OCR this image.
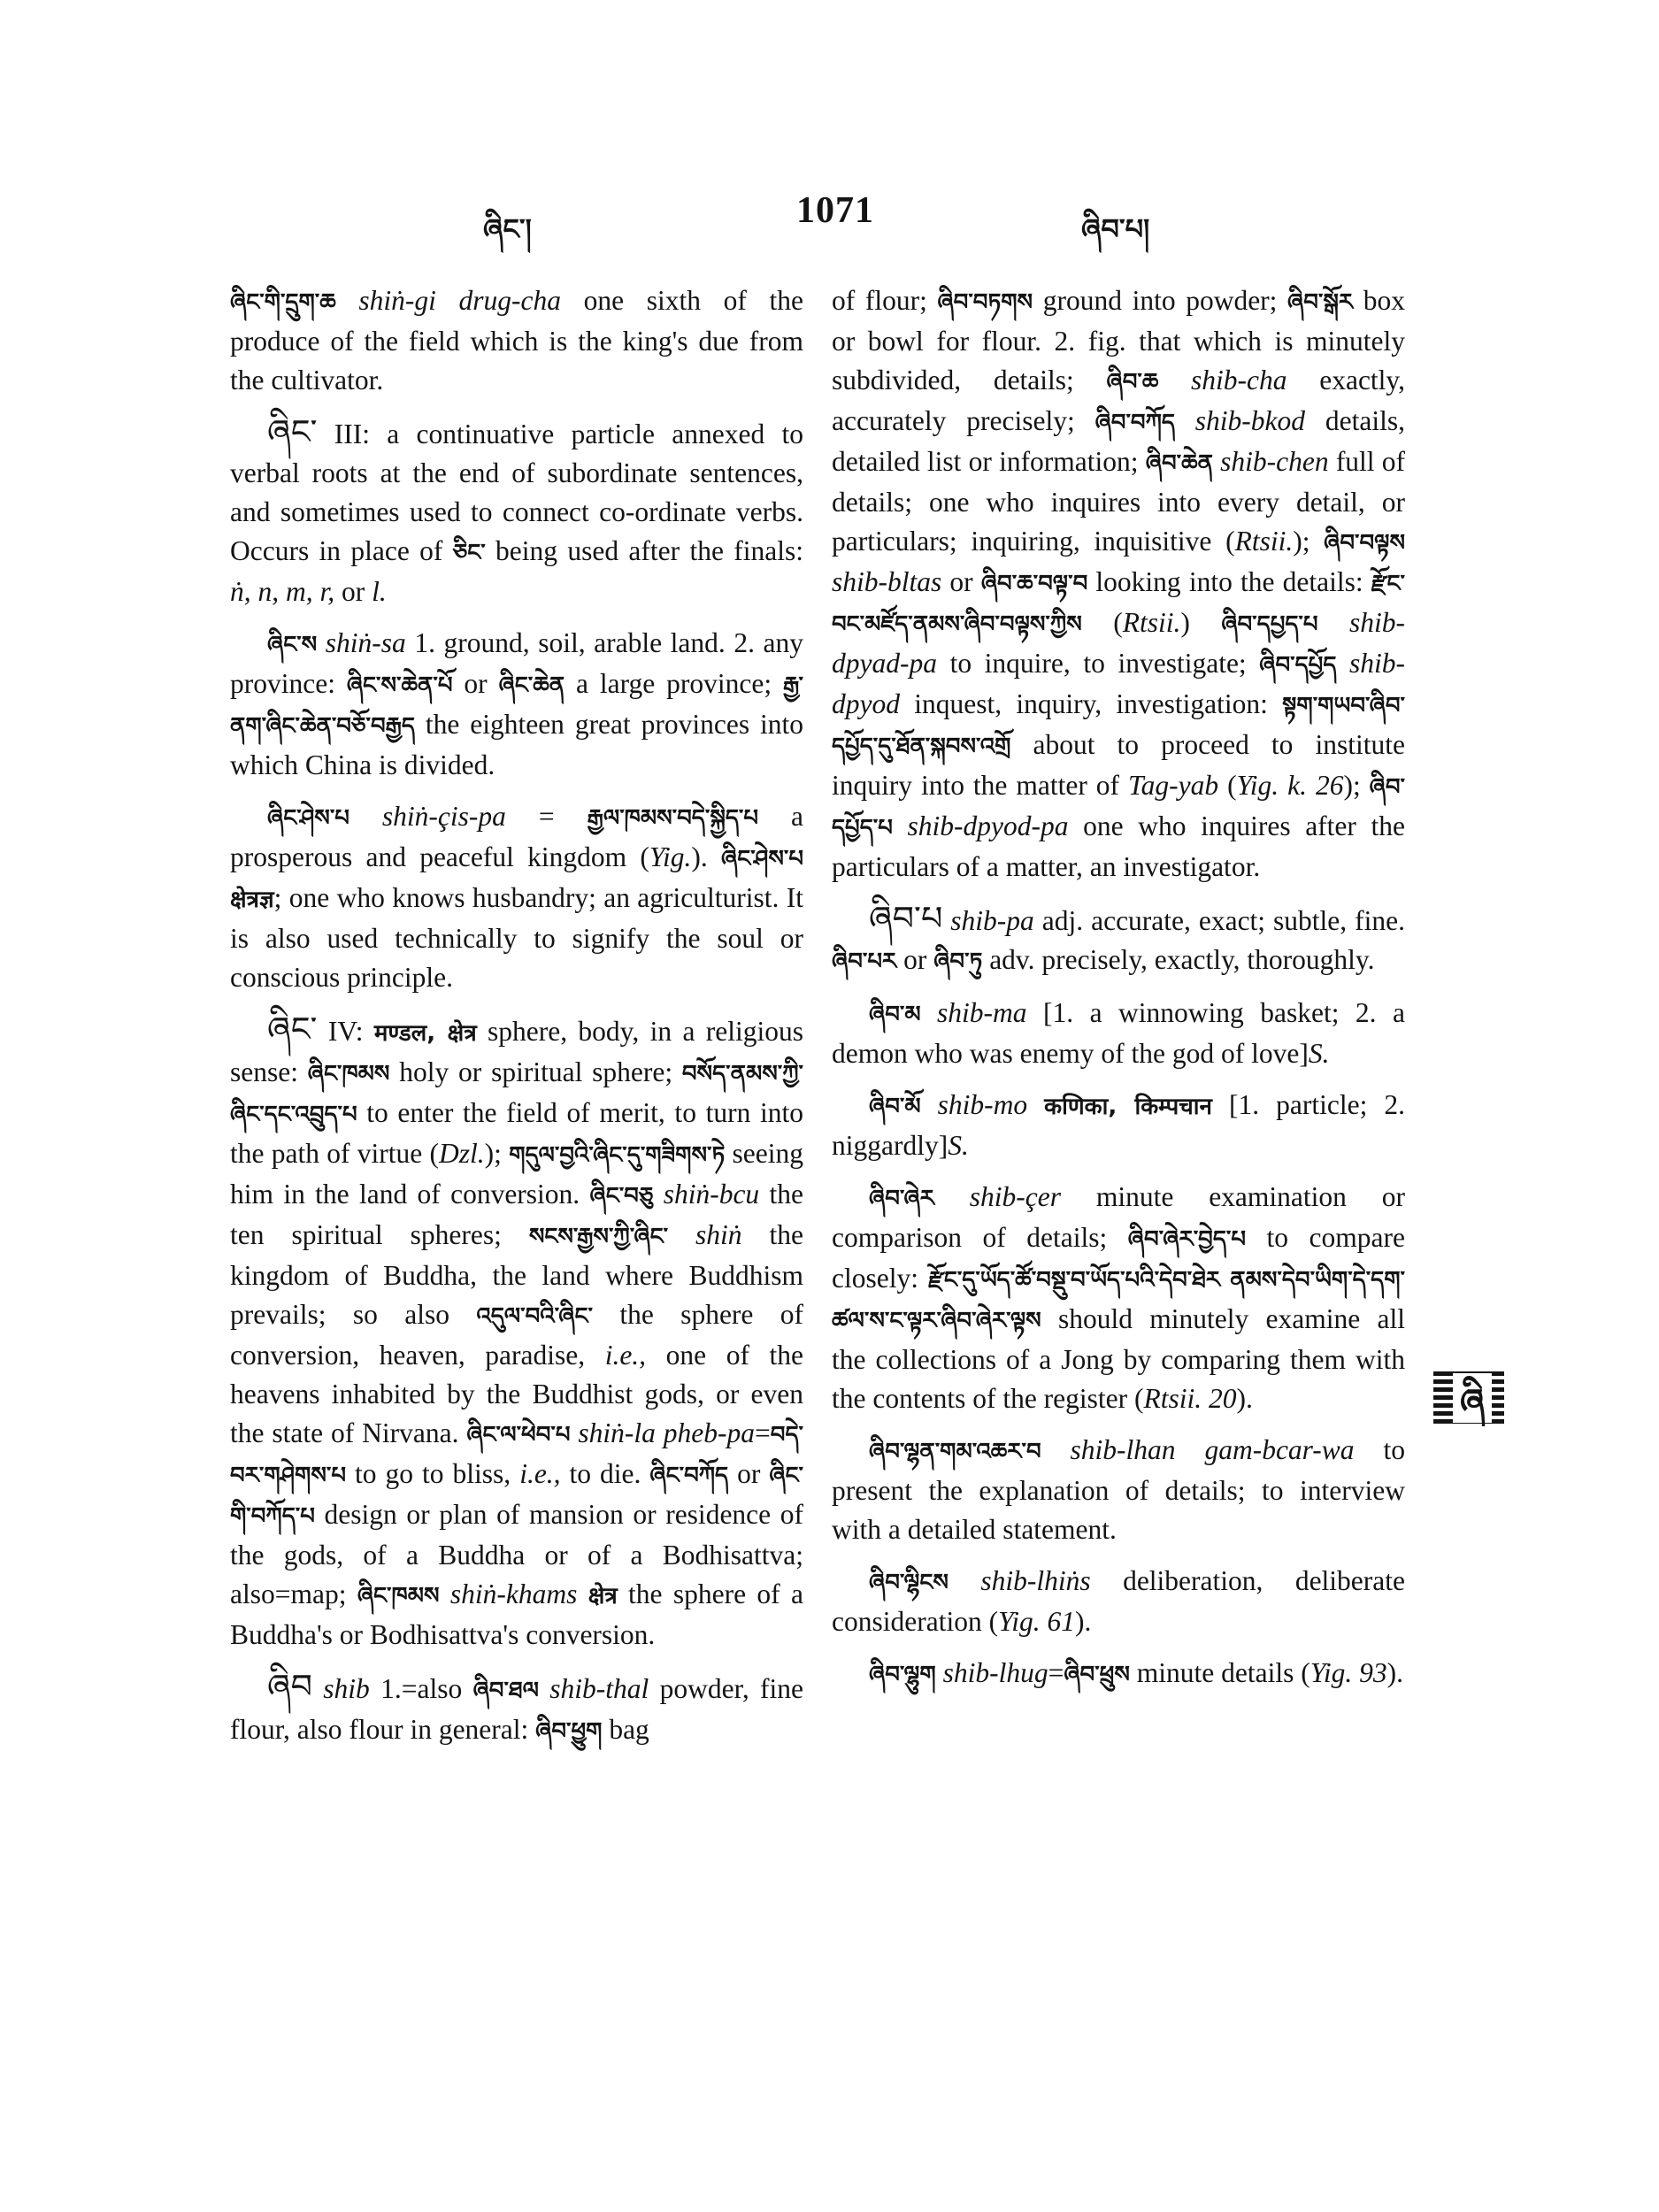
ཞིང་།	1071	ཞིབ་པ།

ཞིང་གི་དྲུག་ཆ shiṅ-gi drug-cha one sixth of the produce of the field which is the king's due from the cultivator.

ཞིང་ III: a continuative particle annexed to verbal roots at the end of subordinate sentences, and sometimes used to connect co-ordinate verbs. Occurs in place of ཅིང་ being used after the finals: ṅ, n, m, r, or l.

ཞིང་ས shiṅ-sa 1. ground, soil, arable land. 2. any province: ཞིང་ས་ཆེན་པོ or ཞིང་ཆེན a large province; རྒྱ་ནག་ཞིང་ཆེན་བཅོ་བརྒྱད the eighteen great provinces into which China is divided.

ཞིང་ཤེས་པ shiṅ-çis-pa = རྒྱལ་ཁམས་བདེ་སྐྱིད་པ a prosperous and peaceful kingdom (Yig.). ཞིང་ཤེས་པ क्षेत्रज्ञ; one who knows husbandry; an agriculturist. It is also used technically to signify the soul or conscious principle.

ཞིང་ IV: मण्डल, क्षेत्र sphere, body, in a religious sense: ཞིང་ཁམས holy or spiritual sphere; བསོད་ནམས་ཀྱི་ཞིང་དང་འབྲུད་པ to enter the field of merit, to turn into the path of virtue (Dzl.); གདུལ་བྱའི་ཞིང་དུ་གཟིགས་ཏེ seeing him in the land of conversion. ཞིང་བཅུ shiṅ-bcu the ten spiritual spheres; སངས་རྒྱས་ཀྱི་ཞིང་ shiṅ the kingdom of Buddha, the land where Buddhism prevails; so also འདུལ་བའི་ཞིང་ the sphere of conversion, heaven, paradise, i.e., one of the heavens inhabited by the Buddhist gods, or even the state of Nirvana. ཞིང་ལ་ཕེབ་པ shiṅ-la pheb-pa=བདེ་བར་གཤེགས་པ to go to bliss, i.e., to die. ཞིང་བཀོད or ཞིང་གི་བཀོད་པ design or plan of mansion or residence of the gods, of a Buddha or of a Bodhisattva; also=map; ཞིང་ཁམས shiṅ-khams क्षेत्र the sphere of a Buddha's or Bodhisattva's conversion.

ཞིབ shib 1.=also ཞིབ་ཐལ shib-thal powder, fine flour, also flour in general: ཞིབ་ཕྱུག bag

of flour; ཞིབ་བཏགས ground into powder; ཞིབ་སྒོར box or bowl for flour. 2. fig. that which is minutely subdivided, details; ཞིབ་ཆ shib-cha exactly, accurately precisely; ཞིབ་བཀོད shib-bkod details, detailed list or information; ཞིབ་ཆེན shib-chen full of details; one who inquires into every detail, or particulars; inquiring, inquisitive (Rtsii.); ཞིབ་བལྟས shib-bltas or ཞིབ་ཆ་བལྟ་བ looking into the details: རྫོང་བང་མཛོད་ནམས་ཞིབ་བལྟས་ཀྱིས (Rtsii.) ཞིབ་དཔྱད་པ shib-dpyad-pa to inquire, to investigate; ཞིབ་དཔྱོད shib-dpyod inquest, inquiry, investigation: སྟག་གཡབ་ཞིབ་དཔྱོད་དུ་ཐོན་སྐབས་འགྲོ about to proceed to institute inquiry into the matter of Tag-yab (Yig. k. 26); ཞིབ་དཔྱོད་པ shib-dpyod-pa one who inquires after the particulars of a matter, an investigator.

ཞིབ་པ shib-pa adj. accurate, exact; subtle, fine. ཞིབ་པར or ཞིབ་ཏུ adv. precisely, exactly, thoroughly.

ཞིབ་མ shib-ma [1. a winnowing basket; 2. a demon who was enemy of the god of love]S.

ཞིབ་མོ shib-mo कणिका, किम्पचान [1. particle; 2. niggardly]S.

ཞིབ་ཞེར shib-çer minute examination or comparison of details; ཞིབ་ཞེར་བྱེད་པ to compare closely: རྫོང་དུ་ཡོད་ཚོ་བསྡུ་བ་ཡོད་པའི་དེབ་ཐེར ནམས་དེབ་ཡིག་དེ་དག་ཚལ་ས་ང་ལྟར་ཞིབ་ཞེར་ལྟས should minutely examine all the collections of a Jong by comparing them with the contents of the register (Rtsii. 20).

ཞིབ་ལྷན་གམ་འཆར་བ shib-lhan gam-bcar-wa to present the explanation of details; to interview with a detailed statement.

ཞིབ་ལྷིངས shib-lhiṅs deliberation, deliberate consideration (Yig. 61).

ཞིབ་ལྷུག shib-lhug=ཞིབ་ཕྲུས minute details (Yig. 93).

ཞི
